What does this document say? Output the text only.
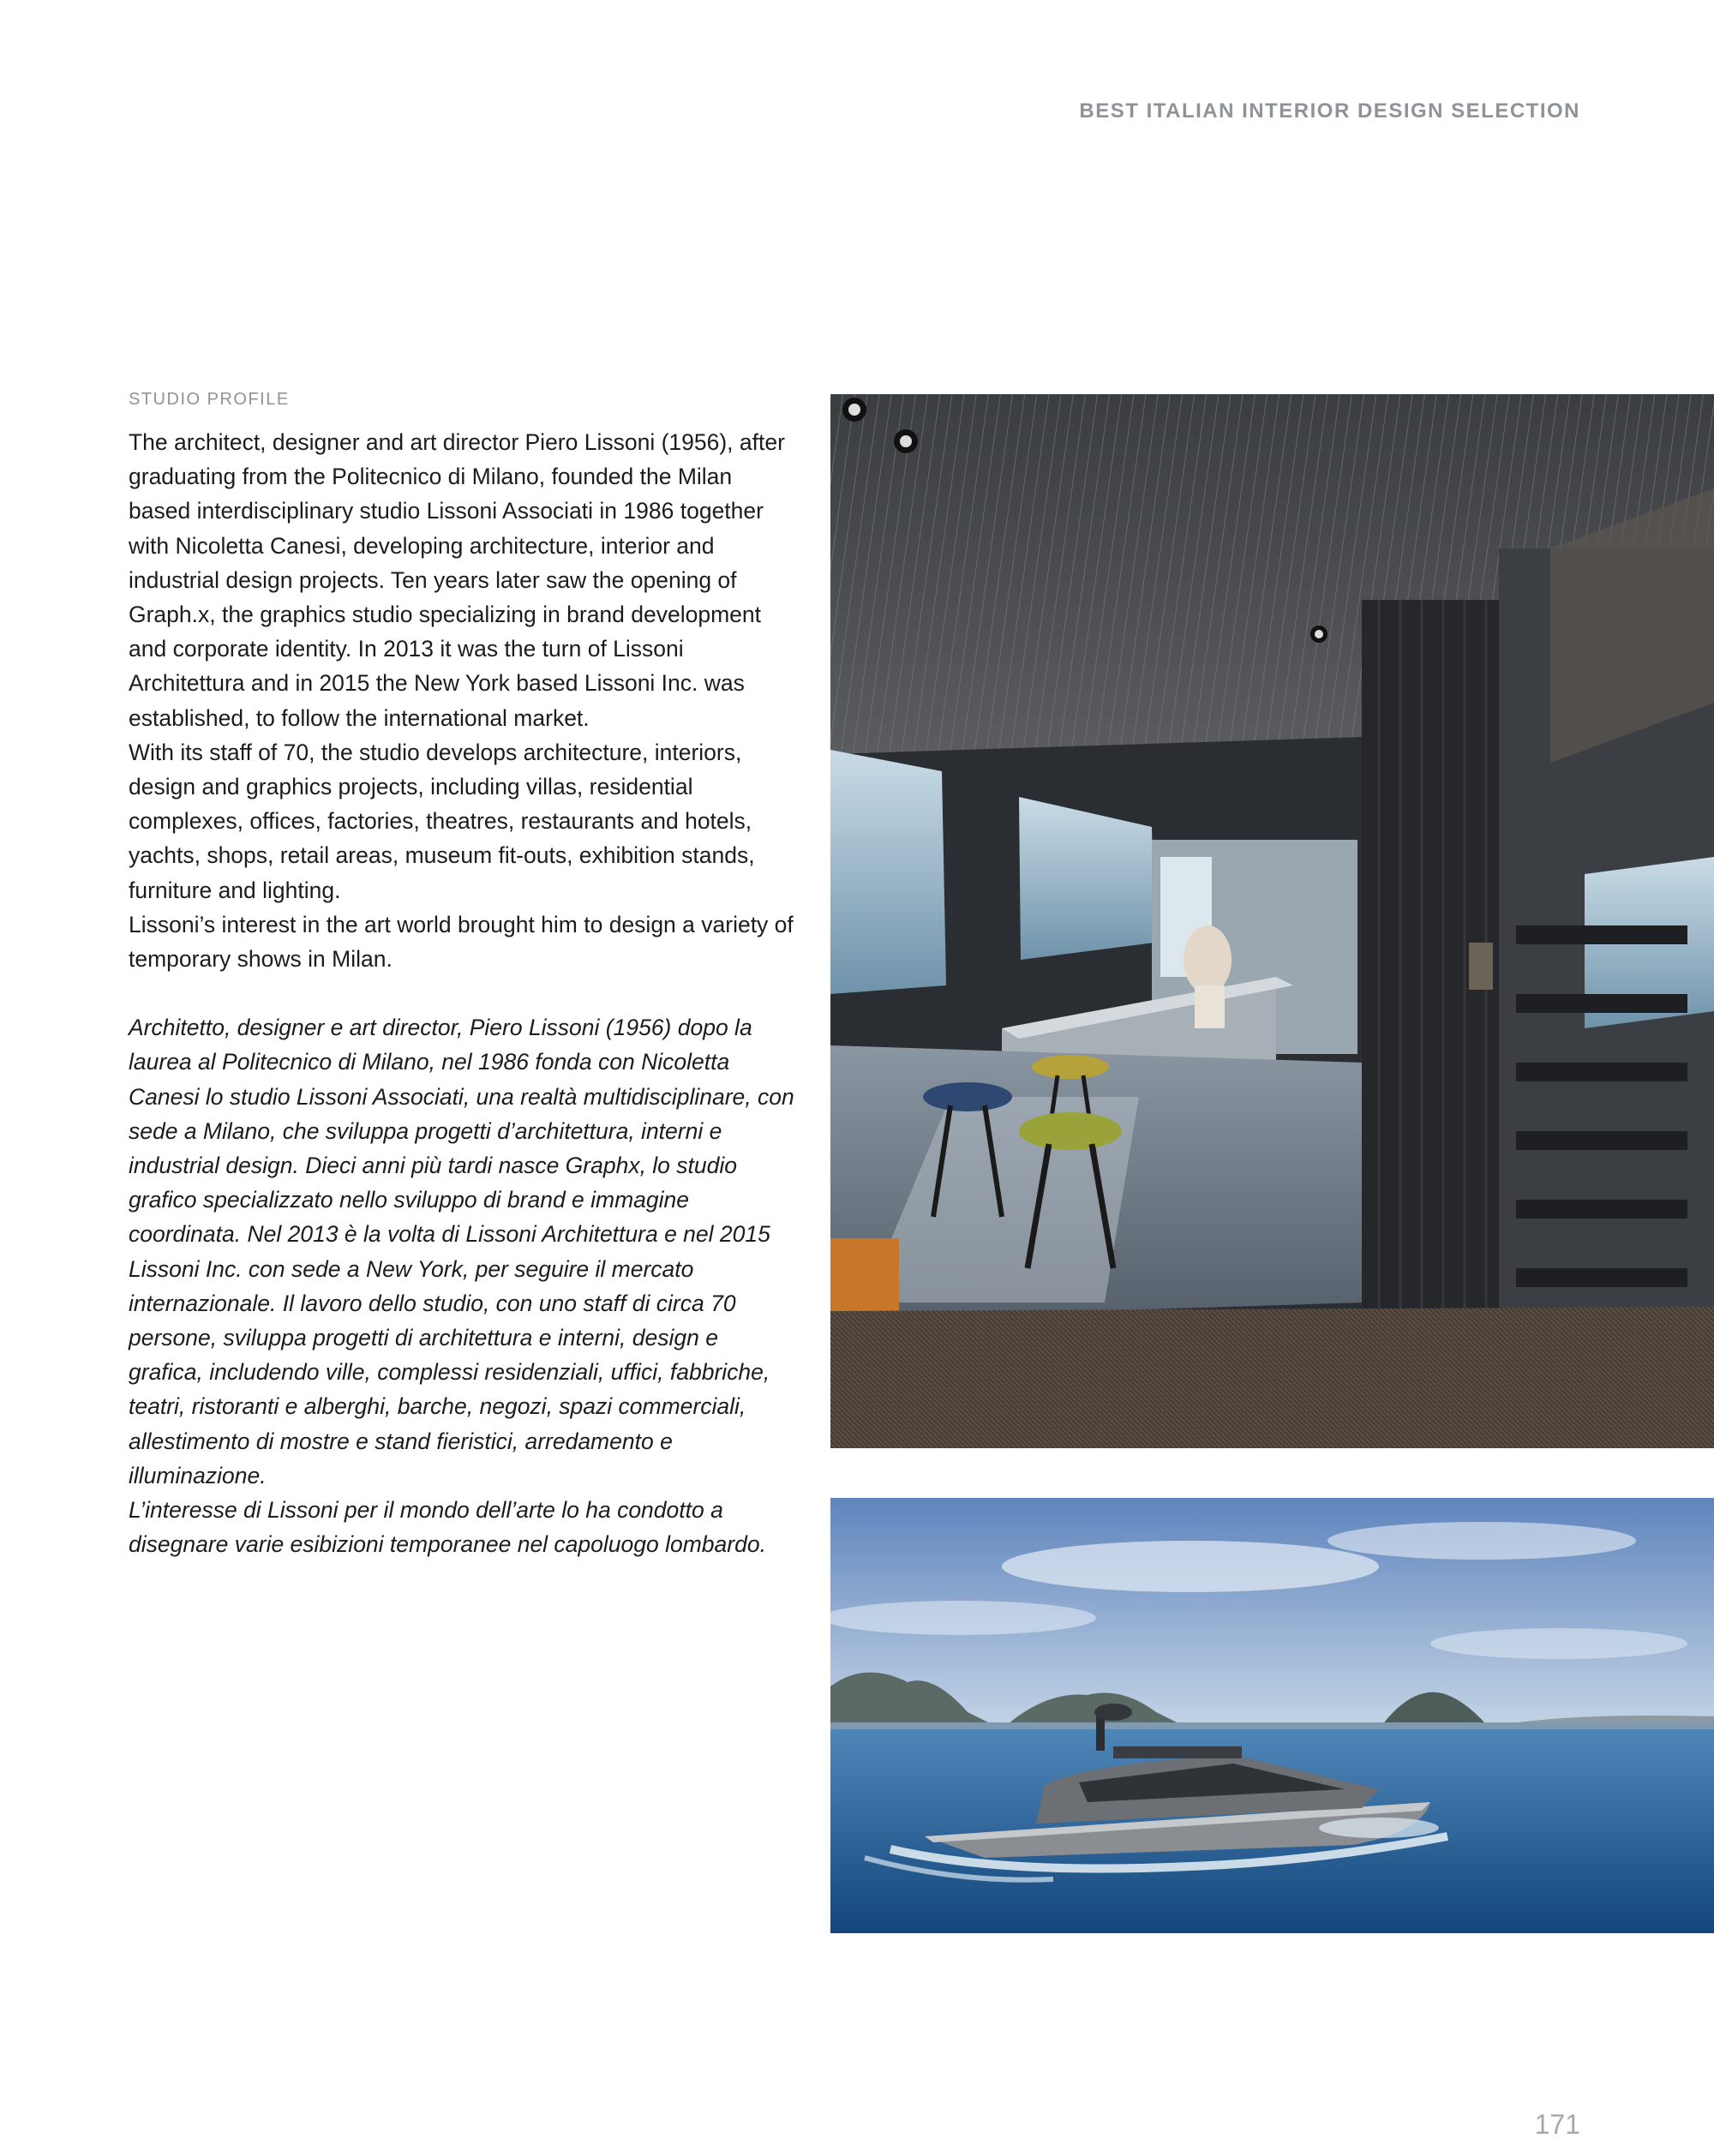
BEST ITALIAN INTERIOR DESIGN SELECTION
STUDIO PROFILE

The architect, designer and art director Piero Lissoni (1956), after graduating from the Politecnico di Milano, founded the Milan based interdisciplinary studio Lissoni Associati in 1986 together with Nicoletta Canesi, developing architecture, interior and industrial design projects. Ten years later saw the opening of Graph.x, the graphics studio specializing in brand development and corporate identity. In 2013 it was the turn of Lissoni Architettura and in 2015 the New York based Lissoni Inc. was established, to follow the international market.
With its staff of 70, the studio develops architecture, interiors, design and graphics projects, including villas, residential complexes, offices, factories, theatres, restaurants and hotels, yachts, shops, retail areas, museum fit-outs, exhibition stands, furniture and lighting.
Lissoni’s interest in the art world brought him to design a variety of temporary shows in Milan.

Architetto, designer e art director, Piero Lissoni (1956) dopo la laurea al Politecnico di Milano, nel 1986 fonda con Nicoletta Canesi lo studio Lissoni Associati, una realtà multidisciplinare, con sede a Milano, che sviluppa progetti d’architettura, interni e industrial design. Dieci anni più tardi nasce Graphx, lo studio grafico specializzato nello sviluppo di brand e immagine coordinata. Nel 2013 è la volta di Lissoni Architettura e nel 2015 Lissoni Inc. con sede a New York, per seguire il mercato internazionale. Il lavoro dello studio, con uno staff di circa 70 persone, sviluppa progetti di architettura e interni, design e grafica, includendo ville, complessi residenziali, uffici, fabbriche, teatri, ristoranti e alberghi, barche, negozi, spazi commerciali, allestimento di mostre e stand fieristici, arredamento e illuminazione.
L’interesse di Lissoni per il mondo dell’arte lo ha condotto a disegnare varie esibizioni temporanee nel capoluogo lombardo.

171
